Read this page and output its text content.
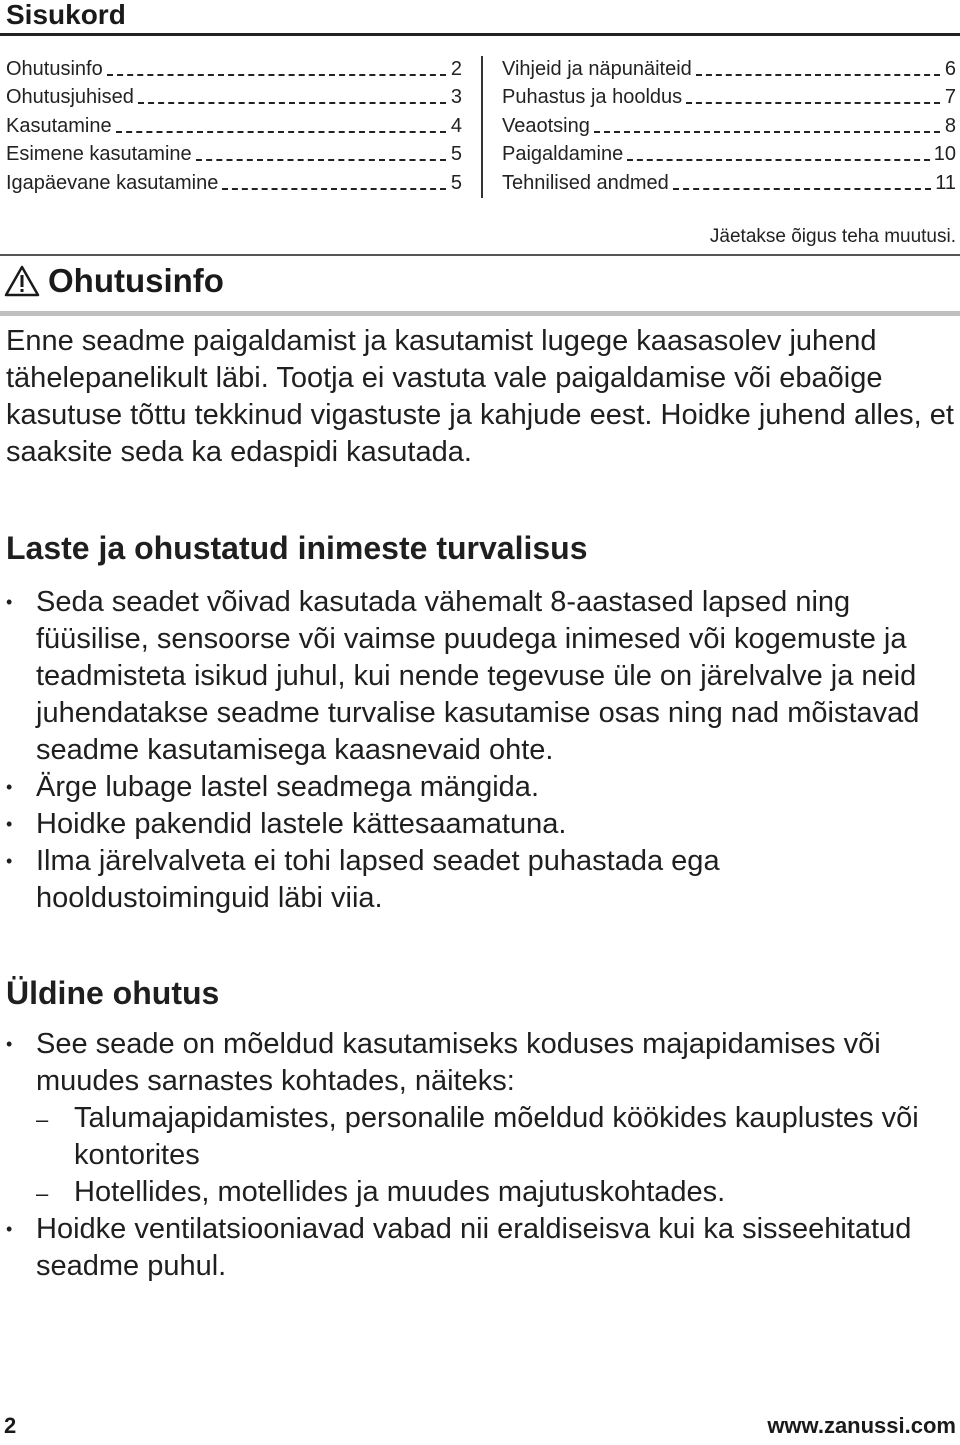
Sisukord
Ohutusinfo	2
Ohutusjuhised	3
Kasutamine	4
Esimene kasutamine	5
Igapäevane kasutamine	5
Vihjeid ja näpunäiteid	6
Puhastus ja hooldus	7
Veaotsing	8
Paigaldamine	10
Tehnilised andmed	11
Jäetakse õigus teha muutusi.
Ohutusinfo

Enne seadme paigaldamist ja kasutamist lugege kaasasolev juhend tähelepanelikult läbi. Tootja ei vastuta vale paigaldamise või ebaõige kasutuse tõttu tekkinud vigastuste ja kahjude eest. Hoidke juhend alles, et saaksite seda ka edaspidi kasutada.

Laste ja ohustatud inimeste turvalisus
• Seda seadet võivad kasutada vähemalt 8-aastased lapsed ning füüsilise, sensoorse või vaimse puudega inimesed või kogemuste ja teadmisteta isikud juhul, kui nende tegevuse üle on järelvalve ja neid juhendatakse seadme turvalise kasutamise osas ning nad mõistavad seadme kasutamisega kaasnevaid ohte.
• Ärge lubage lastel seadmega mängida.
• Hoidke pakendid lastele kättesaamatuna.
• Ilma järelvalveta ei tohi lapsed seadet puhastada ega hooldustoiminguid läbi viia.
Üldine ohutus
• See seade on mõeldud kasutamiseks koduses majapidamises või muudes sarnastes kohtades, näiteks:
– Talumajapidamistes, personalile mõeldud köökides kauplustes või kontorites
– Hotellides, motellides ja muudes majutuskohtades.
• Hoidke ventilatsiooniavad vabad nii eraldiseisva kui ka sisseehitatud seadme puhul.
2	www.zanussi.com
